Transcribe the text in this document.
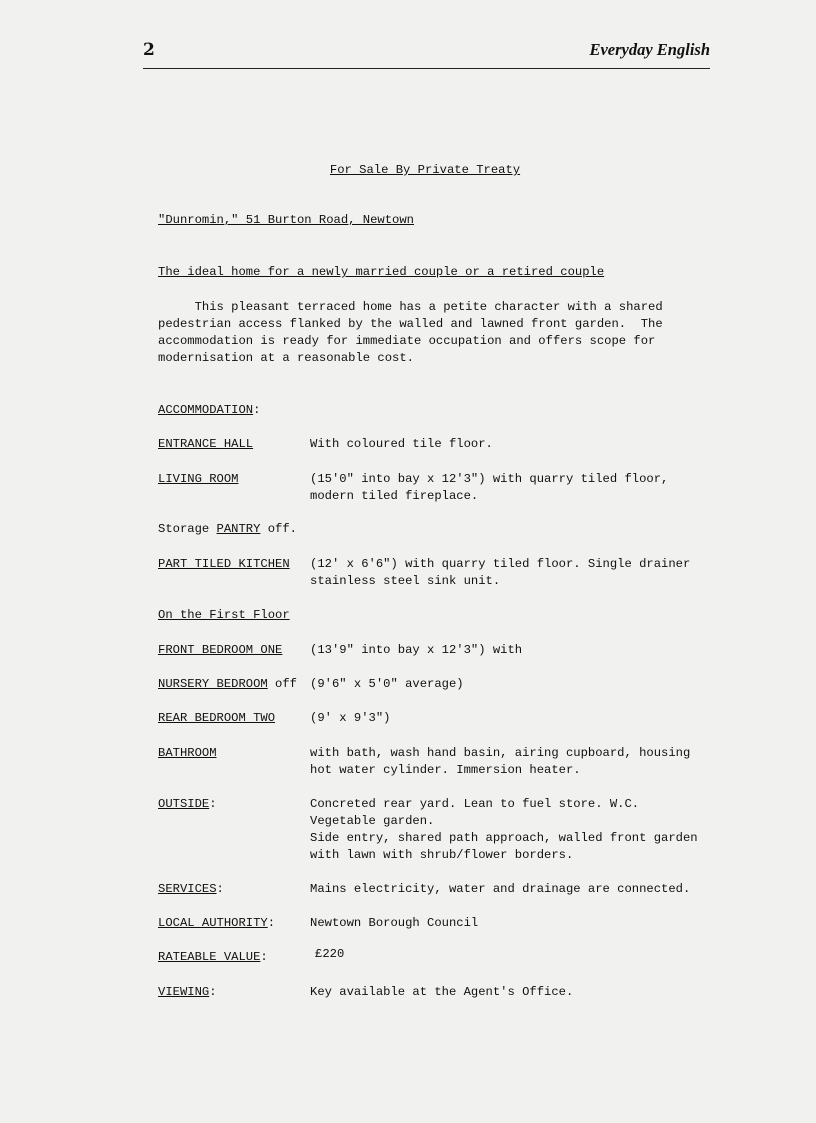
2	Everyday English
For Sale By Private Treaty
"Dunromin," 51 Burton Road, Newtown
The ideal home for a newly married couple or a retired couple
This pleasant terraced home has a petite character with a shared
pedestrian access flanked by the walled and lawned front garden.  The
accommodation is ready for immediate occupation and offers scope for
modernisation at a reasonable cost.
ACCOMMODATION:
ENTRANCE HALL	With coloured tile floor.
LIVING ROOM	(15'0" into bay x 12'3") with quarry tiled floor,
modern tiled fireplace.
Storage PANTRY off.
PART TILED KITCHEN (12' x 6'6") with quarry tiled floor. Single drainer
stainless steel sink unit.
On the First Floor
FRONT BEDROOM ONE (13'9" into bay x 12'3") with
NURSERY BEDROOM off (9'6" x 5'0" average)
REAR BEDROOM TWO	(9' x 9'3")
BATHROOM	with bath, wash hand basin, airing cupboard, housing
hot water cylinder. Immersion heater.
OUTSIDE:	Concreted rear yard. Lean to fuel store. W.C.
Vegetable garden.
Side entry, shared path approach, walled front garden
with lawn with shrub/flower borders.
SERVICES:	Mains electricity, water and drainage are connected.
LOCAL AUTHORITY:	Newtown Borough Council
RATEABLE VALUE:	£220
VIEWING:	Key available at the Agent's Office.
